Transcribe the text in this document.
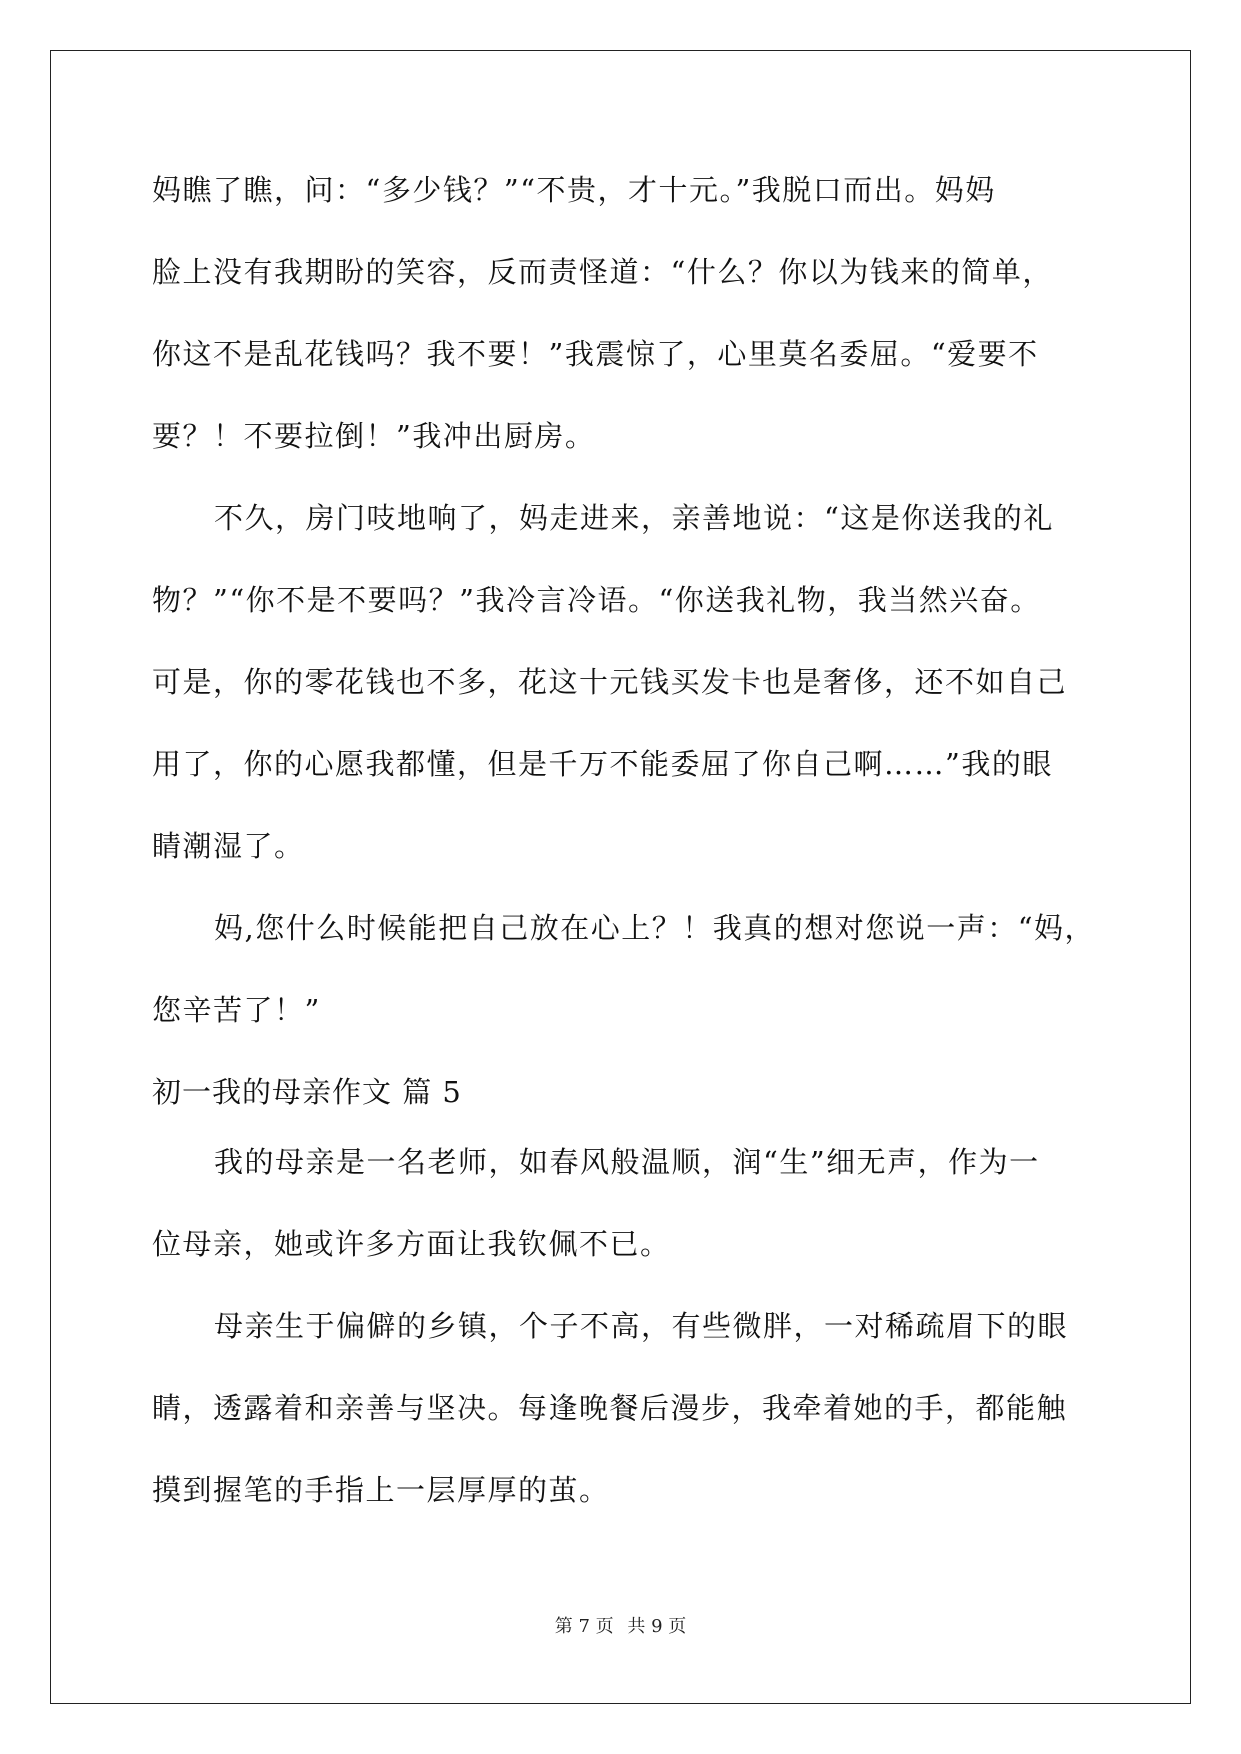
妈瞧了瞧，问：“多少钱？”“不贵，才十元。”我脱口而出。妈妈
脸上没有我期盼的笑容，反而责怪道：“什么？你以为钱来的简单，
你这不是乱花钱吗？我不要！”我震惊了，心里莫名委屈。“爱要不
要？！不要拉倒！”我冲出厨房。
不久，房门吱地响了，妈走进来，亲善地说：“这是你送我的礼
物？”“你不是不要吗？”我冷言冷语。“你送我礼物，我当然兴奋。
可是，你的零花钱也不多，花这十元钱买发卡也是奢侈，还不如自己
用了，你的心愿我都懂，但是千万不能委屈了你自己啊……”我的眼
睛潮湿了。
妈,您什么时候能把自己放在心上？！我真的想对您说一声：“妈，
您辛苦了！”
初一我的母亲作文 篇 5
我的母亲是一名老师，如春风般温顺，润“生”细无声，作为一
位母亲，她或许多方面让我钦佩不已。
母亲生于偏僻的乡镇，个子不高，有些微胖，一对稀疏眉下的眼
睛，透露着和亲善与坚决。每逢晚餐后漫步，我牵着她的手，都能触
摸到握笔的手指上一层厚厚的茧。
第 7 页 共 9 页
